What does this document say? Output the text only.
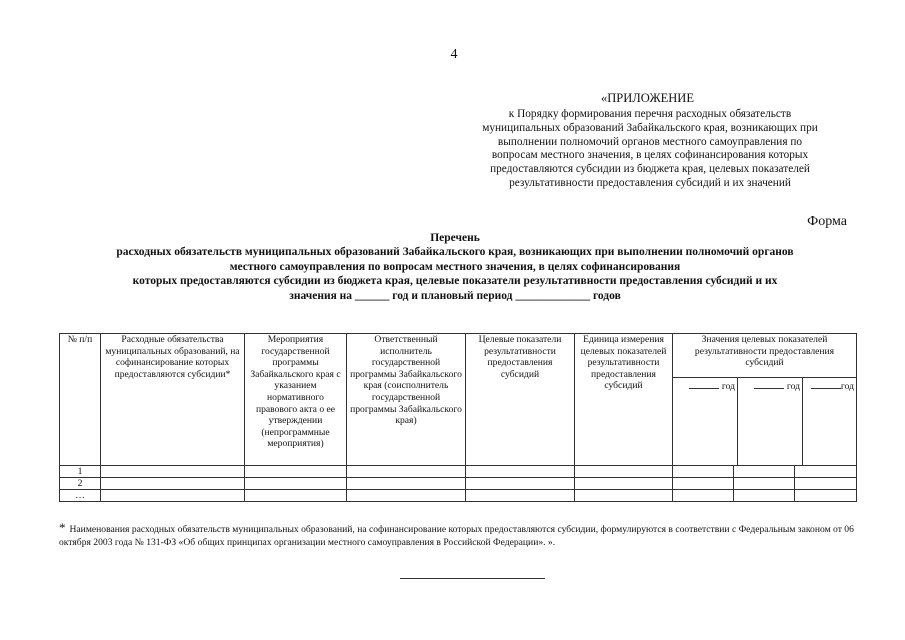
4
«ПРИЛОЖЕНИЕ
к Порядку формирования перечня расходных обязательств
муниципальных образований Забайкальского края, возникающих при
выполнении полномочий органов местного самоуправления по
вопросам местного значения, в целях софинансирования которых
предоставляются субсидии из бюджета края, целевых показателей
результативности предоставления субсидий и их значений
Форма
Перечень
расходных обязательств муниципальных образований Забайкальского края, возникающих при выполнении полномочий органов
местного самоуправления по вопросам местного значения, в целях софинансирования
которых предоставляются субсидии из бюджета края, целевые показатели результативности предоставления субсидий и их
значения на ______ год и плановый период _____________ годов
№ п/п	Расходные обязательства муниципальных образований, на софинансирование которых предоставляются субсидии*	Мероприятия государственной программы Забайкальского края с указанием нормативного правового акта о ее утверждении (непрограммные мероприятия)	Ответственный исполнитель государственной программы Забайкальского края (соисполнитель государственной программы Забайкальского края)	Целевые показатели результативности предоставления субсидий	Единица измерения целевых показателей результативности предоставления субсидий	Значения целевых показателей результативности предоставления субсидий
год год год		

1								
2								
…								
* Наименования расходных обязательств муниципальных образований, на софинансирование которых предоставляются субсидии, формулируются в соответствии с Федеральным законом от 06 октября 2003 года № 131-ФЗ «Об общих принципах организации местного самоуправления в Российской Федерации». ».
